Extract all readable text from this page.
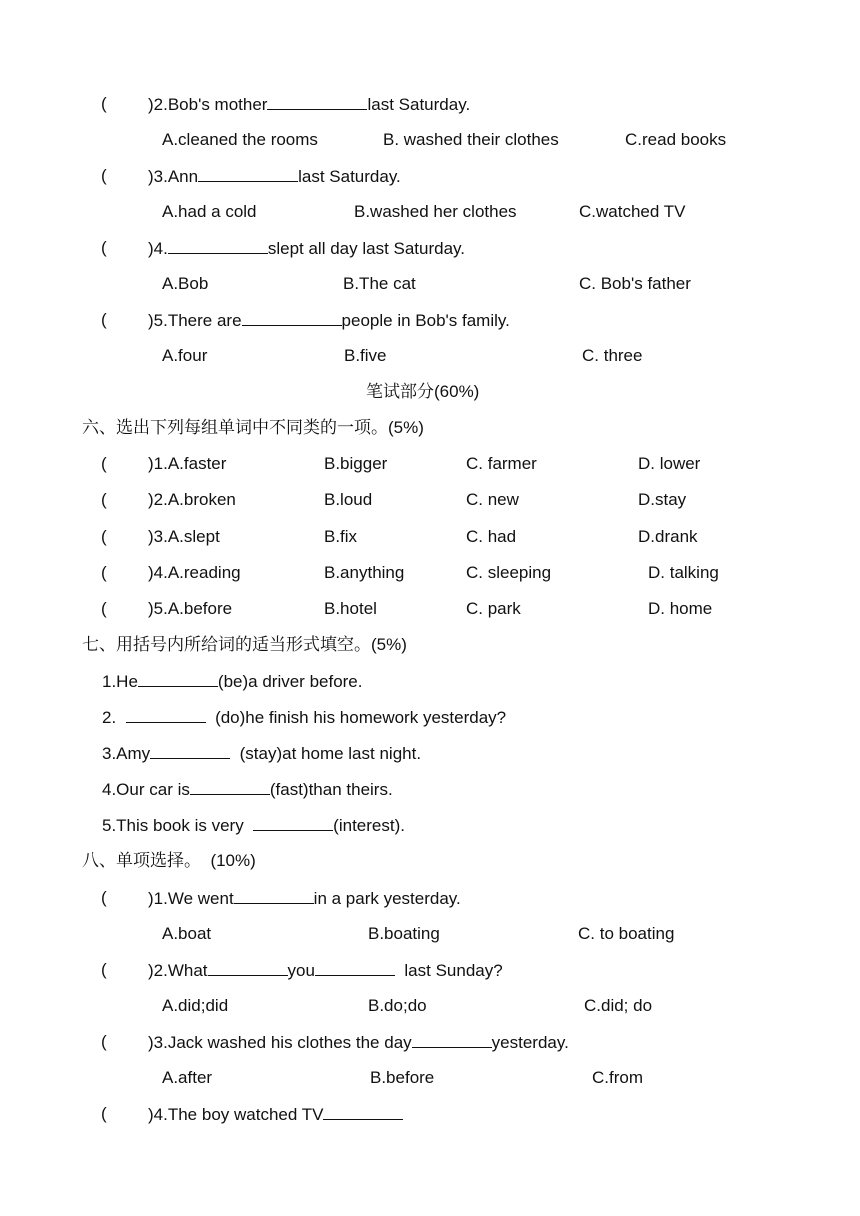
( )2.Bob's mother	last Saturday.
A.cleaned the rooms	B. washed their clothes	C.read books
( )3.Ann	last Saturday.
A.had a cold	B.washed her clothes	C.watched TV
( )4.	slept all day last Saturday.
A.Bob	B.The cat	C. Bob's father
( )5.There are	people in Bob's family.
A.four	B.five	C. three
笔试部分(60%)
六、选出下列每组单词中不同类的一项。(5%)
( )1.A.faster	B.bigger	C. farmer	D. lower
( )2.A.broken	B.loud	C. new	D.stay
( )3.A.slept	B.fix	C. had	D.drank
( )4.A.reading	B.anything	C. sleeping	D. talking
( )5.A.before	B.hotel	C. park	D. home
七、用括号内所给词的适当形式填空。(5%)
1.He	(be)a driver before.
2.	(do)he finish his homework yesterday?
3.Amy	(stay)at home last night.
4.Our car is	(fast)than theirs.
5.This book is very	(interest).
八、单项选择。  (10%)
( )1.We went	in a park yesterday.
A.boat	B.boating	C. to boating
( )2.What	you	last Sunday?
A.did;did	B.do;do	C.did; do
( )3.Jack washed his clothes the day	yesterday.
A.after	B.before	C.from
( )4.The boy watched TV
